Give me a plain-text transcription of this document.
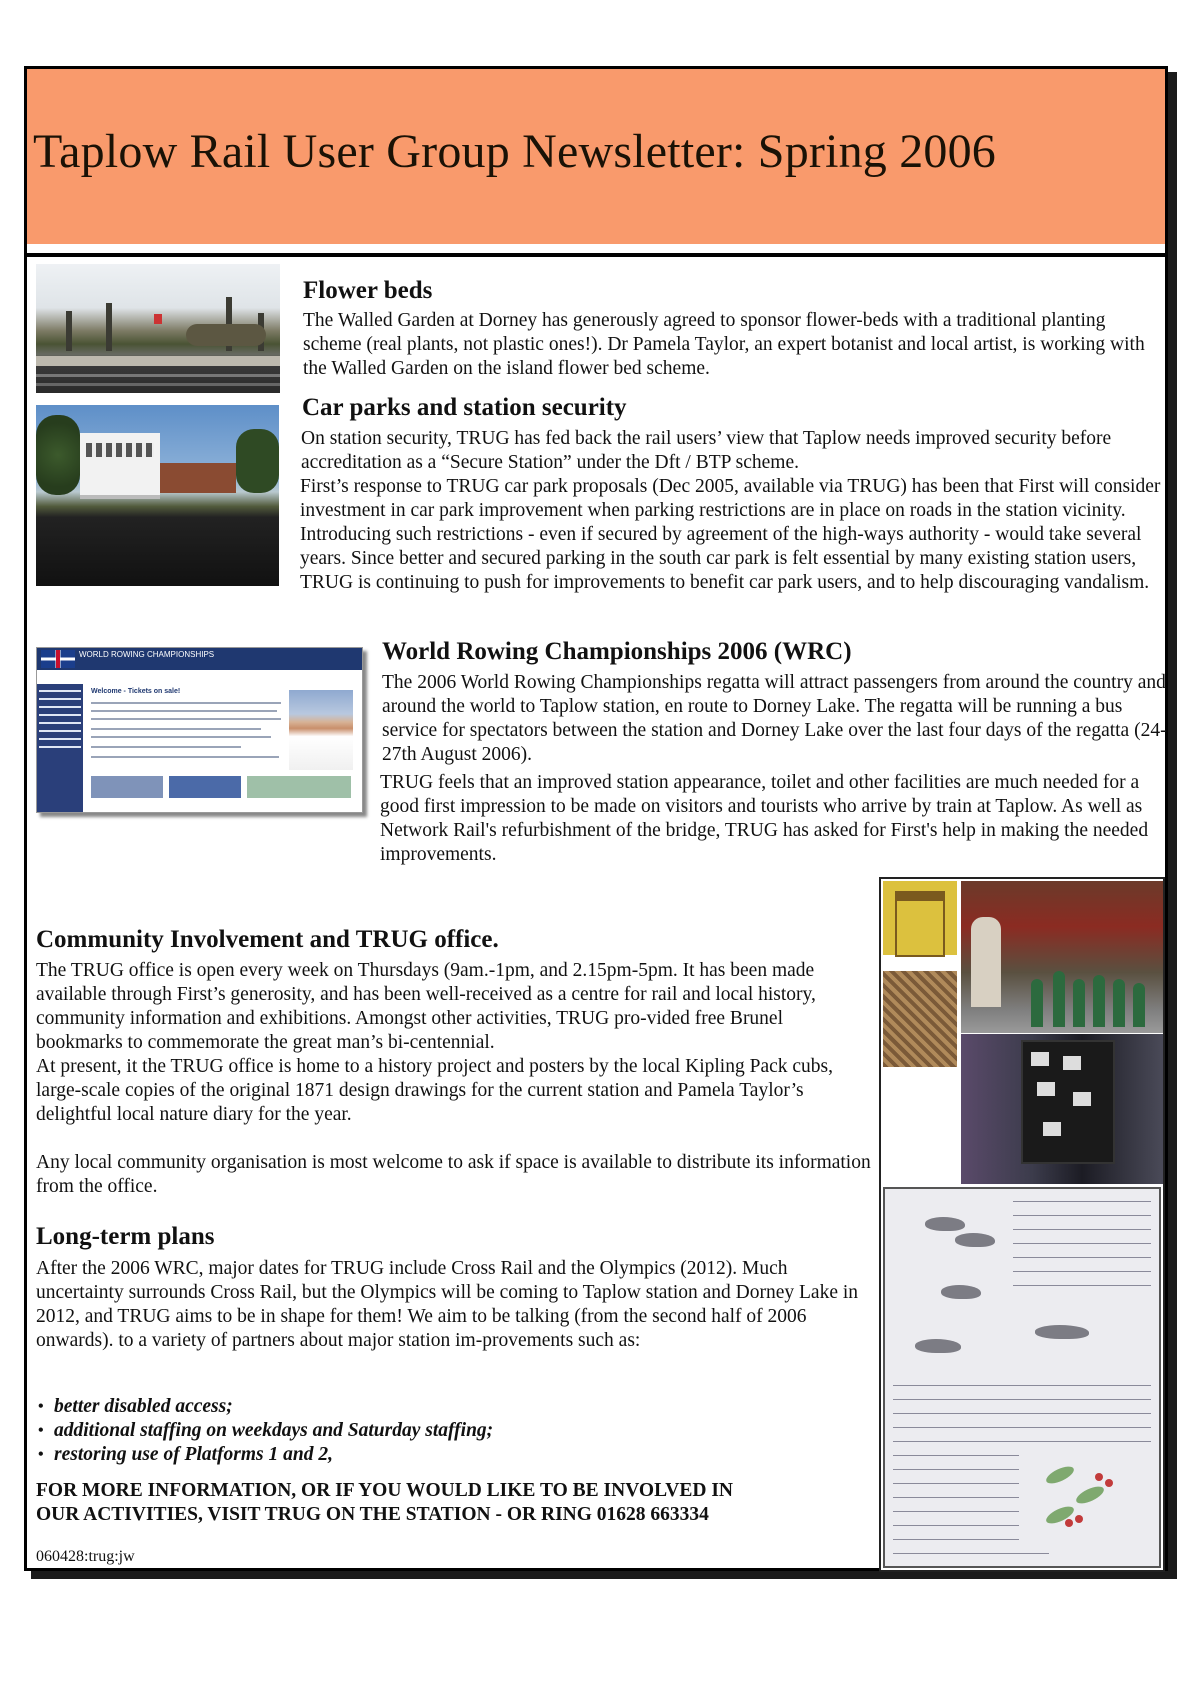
Taplow Rail User Group Newsletter: Spring 2006
Flower beds

The Walled Garden at Dorney has generously agreed to sponsor flower-beds with a traditional planting scheme (real plants, not plastic ones!). Dr Pamela Taylor, an expert botanist and local artist, is working with the Walled Garden on the island flower bed scheme.

Car parks and station security

On station security, TRUG has fed back the rail users’ view that Taplow needs improved security before accreditation as a “Secure Station” under the Dft / BTP scheme.

First’s response to TRUG car park proposals (Dec 2005, available via TRUG) has been that First will consider investment in car park improvement when parking restrictions are in place on roads in the station vicinity. Introducing such restrictions - even if secured by agreement of the high-ways authority - would take several years. Since better and secured parking in the south car park is felt essential by many existing station users, TRUG is continuing to push for improvements to benefit car park users, and to help discouraging vandalism.

WORLD ROWING CHAMPIONSHIPS
Welcome - Tickets on sale!
World Rowing Championships 2006 (WRC)

The 2006 World Rowing Championships regatta will attract passengers from around the country and around the world to Taplow station, en route to Dorney Lake. The regatta will be running a bus service for spectators between the station and Dorney Lake over the last four days of the regatta (24-27th August 2006).

TRUG feels that an improved station appearance, toilet and other facilities are much needed for a good first impression to be made on visitors and tourists who arrive by train at Taplow. As well as Network Rail's refurbishment of the bridge, TRUG has asked for First's help in making the needed improvements.

Community Involvement and TRUG office.

The TRUG office is open every week on Thursdays (9am.-1pm, and 2.15pm-5pm. It has been made available through First’s generosity, and has been well-received as a centre for rail and local history, community information and exhibitions. Amongst other activities, TRUG pro-vided free Brunel bookmarks to commemorate the great man’s bi-centennial.

At present, it the TRUG office is home to a history project and posters by the local Kipling Pack cubs, large-scale copies of the original 1871 design drawings for the current station and Pamela Taylor’s delightful local nature diary for the year.

Any local community organisation is most welcome to ask if space is available to distribute its information from the office.

Long-term plans

After the 2006 WRC, major dates for TRUG include Cross Rail and the Olympics (2012). Much uncertainty surrounds Cross Rail, but the Olympics will be coming to Taplow station and Dorney Lake in 2012, and TRUG aims to be in shape for them! We aim to be talking (from the second half of 2006 onwards). to a variety of partners about major station im-provements such as:

• better disabled access;
• additional staffing on weekdays and Saturday staffing;
• restoring use of Platforms 1 and 2,

FOR MORE INFORMATION, OR IF YOU WOULD LIKE TO BE INVOLVED IN
OUR ACTIVITIES, VISIT TRUG ON THE STATION - OR RING 01628 663334

060428:trug:jw
